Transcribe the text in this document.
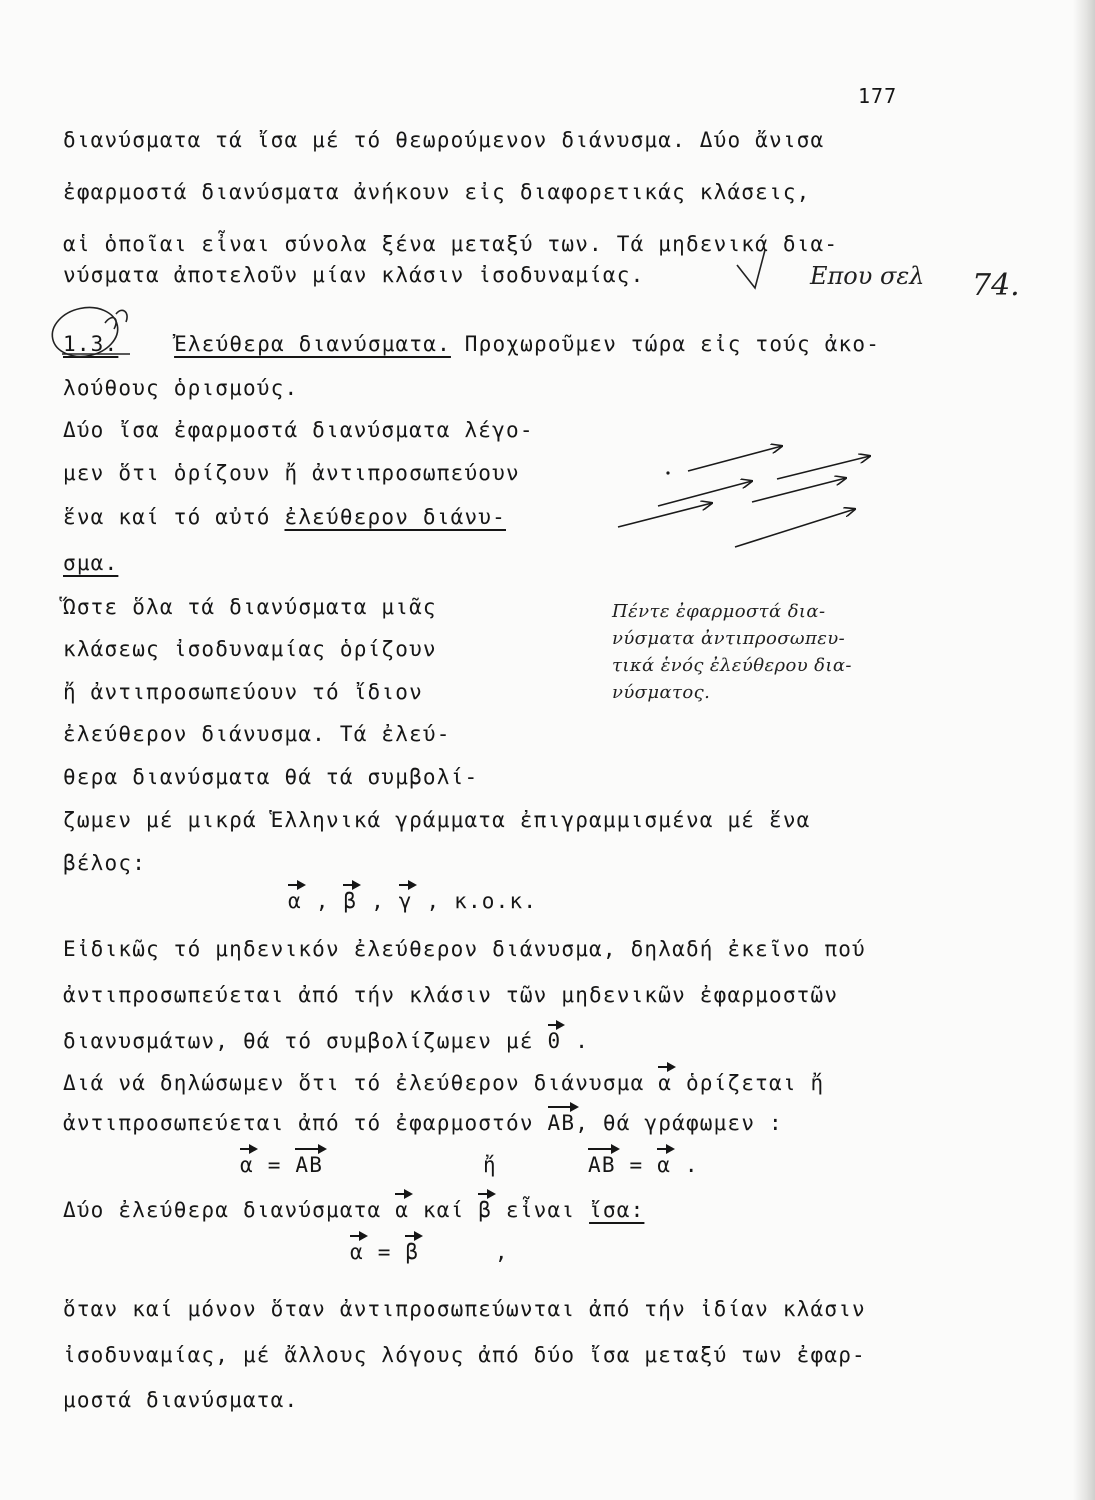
177
διανύσματα τά ἴσα μέ τό θεωρούμενον διάνυσμα. Δύο ἄνισα
ἐφαρμοστά διανύσματα ἀνήκουν εἰς διαφορετικάς κλάσεις,
αἱ ὁποῖαι εἶναι σύνολα ξένα μεταξύ των. Τά μηδενικά δια-
νύσματα ἀποτελοῦν μίαν κλάσιν ἰσοδυναμίας.	Επου σελ 74.
1.3.	Ἐλεύθερα διανύσματα. Προχωροῦμεν τώρα εἰς τούς ἀκο-
λούθους ὁρισμούς.
Δύο ἴσα ἐφαρμοστά διανύσματα λέγο-
μεν ὅτι ὁρίζουν ἤ ἀντιπροσωπεύουν
ἕνα καί τό αὐτό ἐλεύθερον διάνυ-
σμα.
Ὥστε ὅλα τά διανύσματα μιᾶς
κλάσεως ἰσοδυναμίας ὁρίζουν
ἤ ἀντιπροσωπεύουν τό ἴδιον
ἐλεύθερον διάνυσμα. Τά ἐλεύ-
θερα διανύσματα θά τά συμβολί-
ζωμεν μέ μικρά Ἑλληνικά γράμματα ἐπιγραμμισμένα μέ ἕνα
βέλος:
Πέντε ἐφαρμοστά δια-
νύσματα ἀντιπροσωπευ-
τικά ἑνός ἐλεύθερου δια-
νύσματος.
α , β , γ , κ.ο.κ.
Εἰδικῶς τό μηδενικόν ἐλεύθερον διάνυσμα, δηλαδή ἐκεῖνο πού
ἀντιπροσωπεύεται ἀπό τήν κλάσιν τῶν μηδενικῶν ἐφαρμοστῶν
διανυσμάτων, θά τό συμβολίζωμεν μέ 0 .
Διά νά δηλώσωμεν ὅτι τό ἐλεύθερον διάνυσμα α ὁρίζεται ἤ
ἀντιπροσωπεύεται ἀπό τό ἐφαρμοστόν AB, θά γράφωμεν :
α = AB	ἤ	AB = α .
Δύο ἐλεύθερα διανύσματα α καί β εἶναι ἴσα:
α = β	,
ὅταν καί μόνον ὅταν ἀντιπροσωπεύωνται ἀπό τήν ἰδίαν κλάσιν
ἰσοδυναμίας, μέ ἄλλους λόγους ἀπό δύο ἴσα μεταξύ των ἐφαρ-
μοστά διανύσματα.
